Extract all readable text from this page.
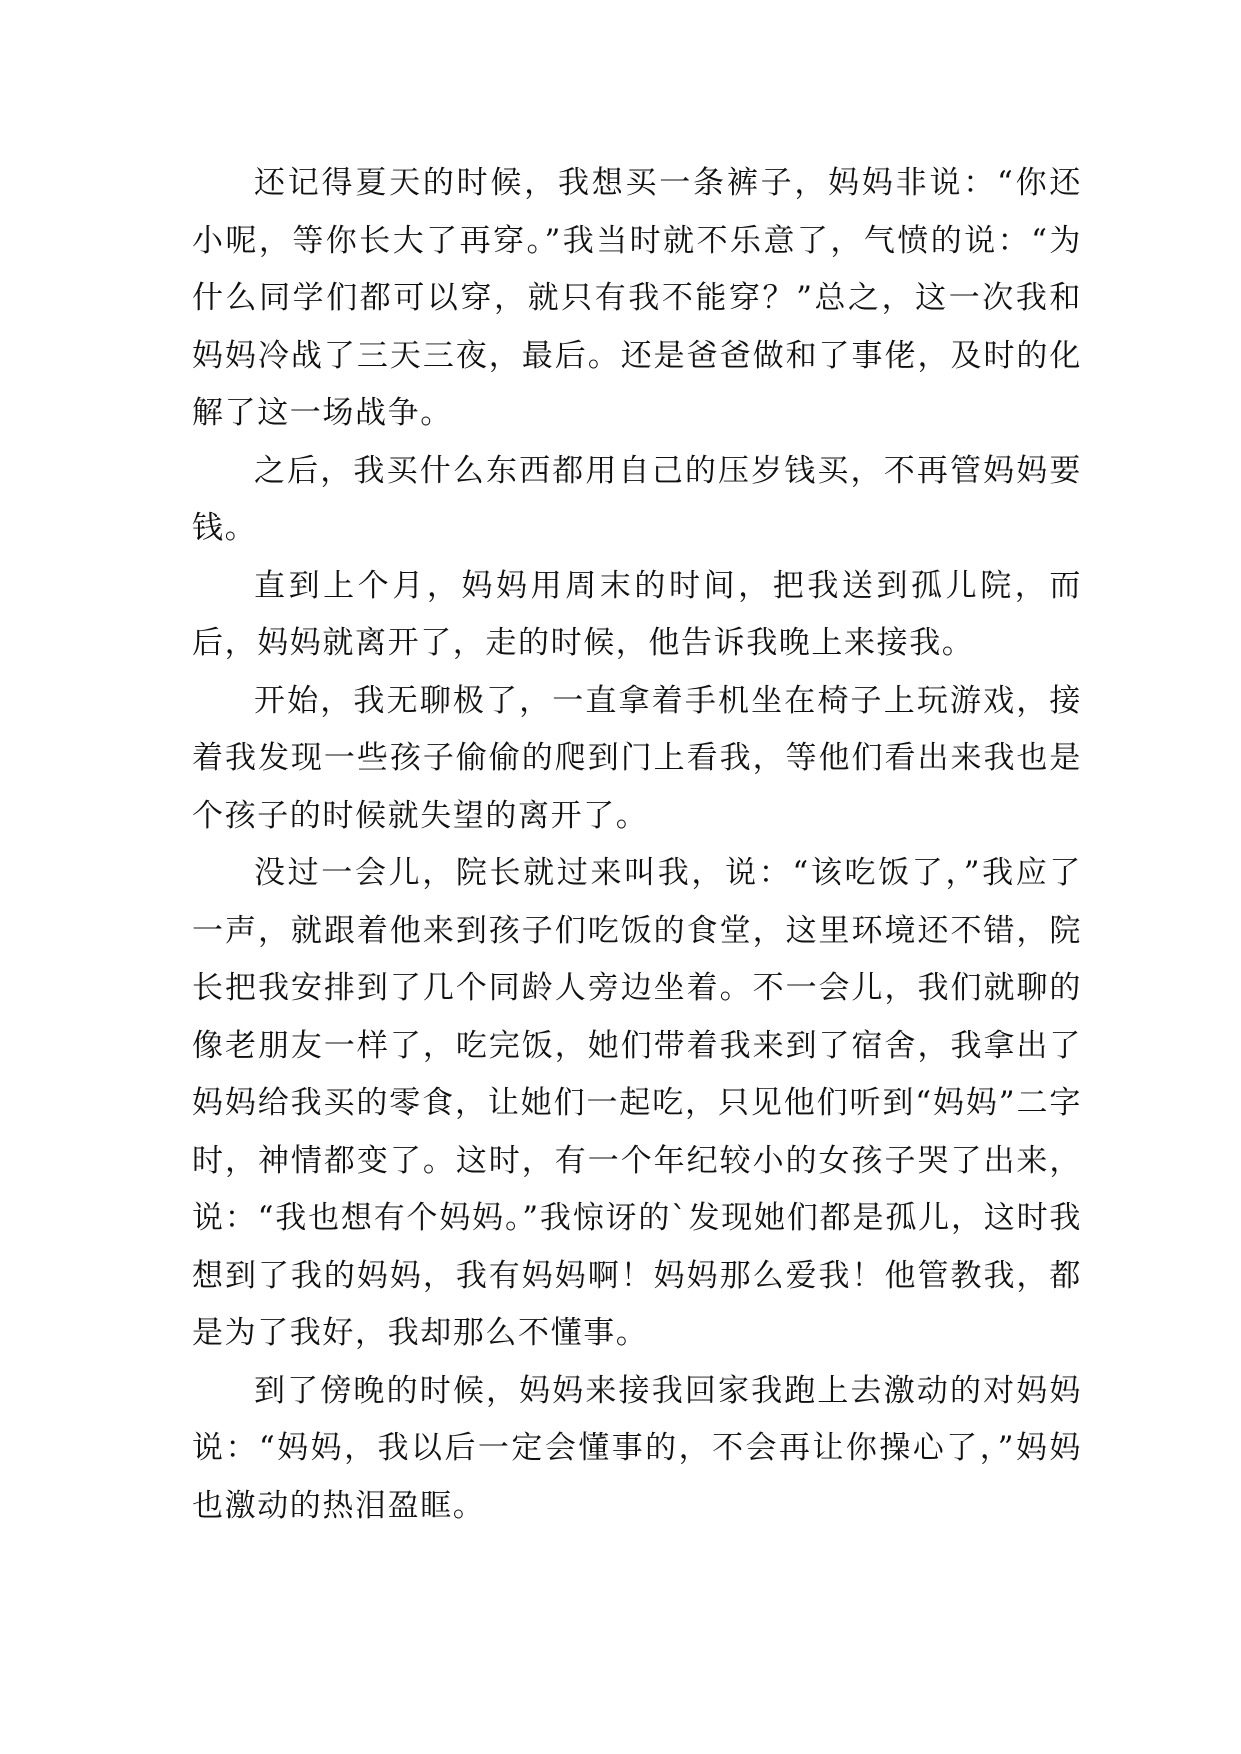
还记得夏天的时候，我想买一条裤子，妈妈非说：“你还小呢，等你长大了再穿。”我当时就不乐意了，气愤的说：“为什么同学们都可以穿，就只有我不能穿？”总之，这一次我和妈妈冷战了三天三夜，最后。还是爸爸做和了事佬，及时的化解了这一场战争。

之后，我买什么东西都用自己的压岁钱买，不再管妈妈要钱。

直到上个月，妈妈用周末的时间，把我送到孤儿院，而后，妈妈就离开了，走的时候，他告诉我晚上来接我。

开始，我无聊极了，一直拿着手机坐在椅子上玩游戏，接着我发现一些孩子偷偷的爬到门上看我，等他们看出来我也是个孩子的时候就失望的离开了。

没过一会儿，院长就过来叫我，说：“该吃饭了，”我应了一声，就跟着他来到孩子们吃饭的食堂，这里环境还不错，院长把我安排到了几个同龄人旁边坐着。不一会儿，我们就聊的像老朋友一样了，吃完饭，她们带着我来到了宿舍，我拿出了妈妈给我买的零食，让她们一起吃，只见他们听到“妈妈”二字时，神情都变了。这时，有一个年纪较小的女孩子哭了出来，说：“我也想有个妈妈。”我惊讶的`发现她们都是孤儿，这时我想到了我的妈妈，我有妈妈啊！妈妈那么爱我！他管教我，都是为了我好，我却那么不懂事。

到了傍晚的时候，妈妈来接我回家我跑上去激动的对妈妈说：“妈妈，我以后一定会懂事的，不会再让你操心了，”妈妈也激动的热泪盈眶。
